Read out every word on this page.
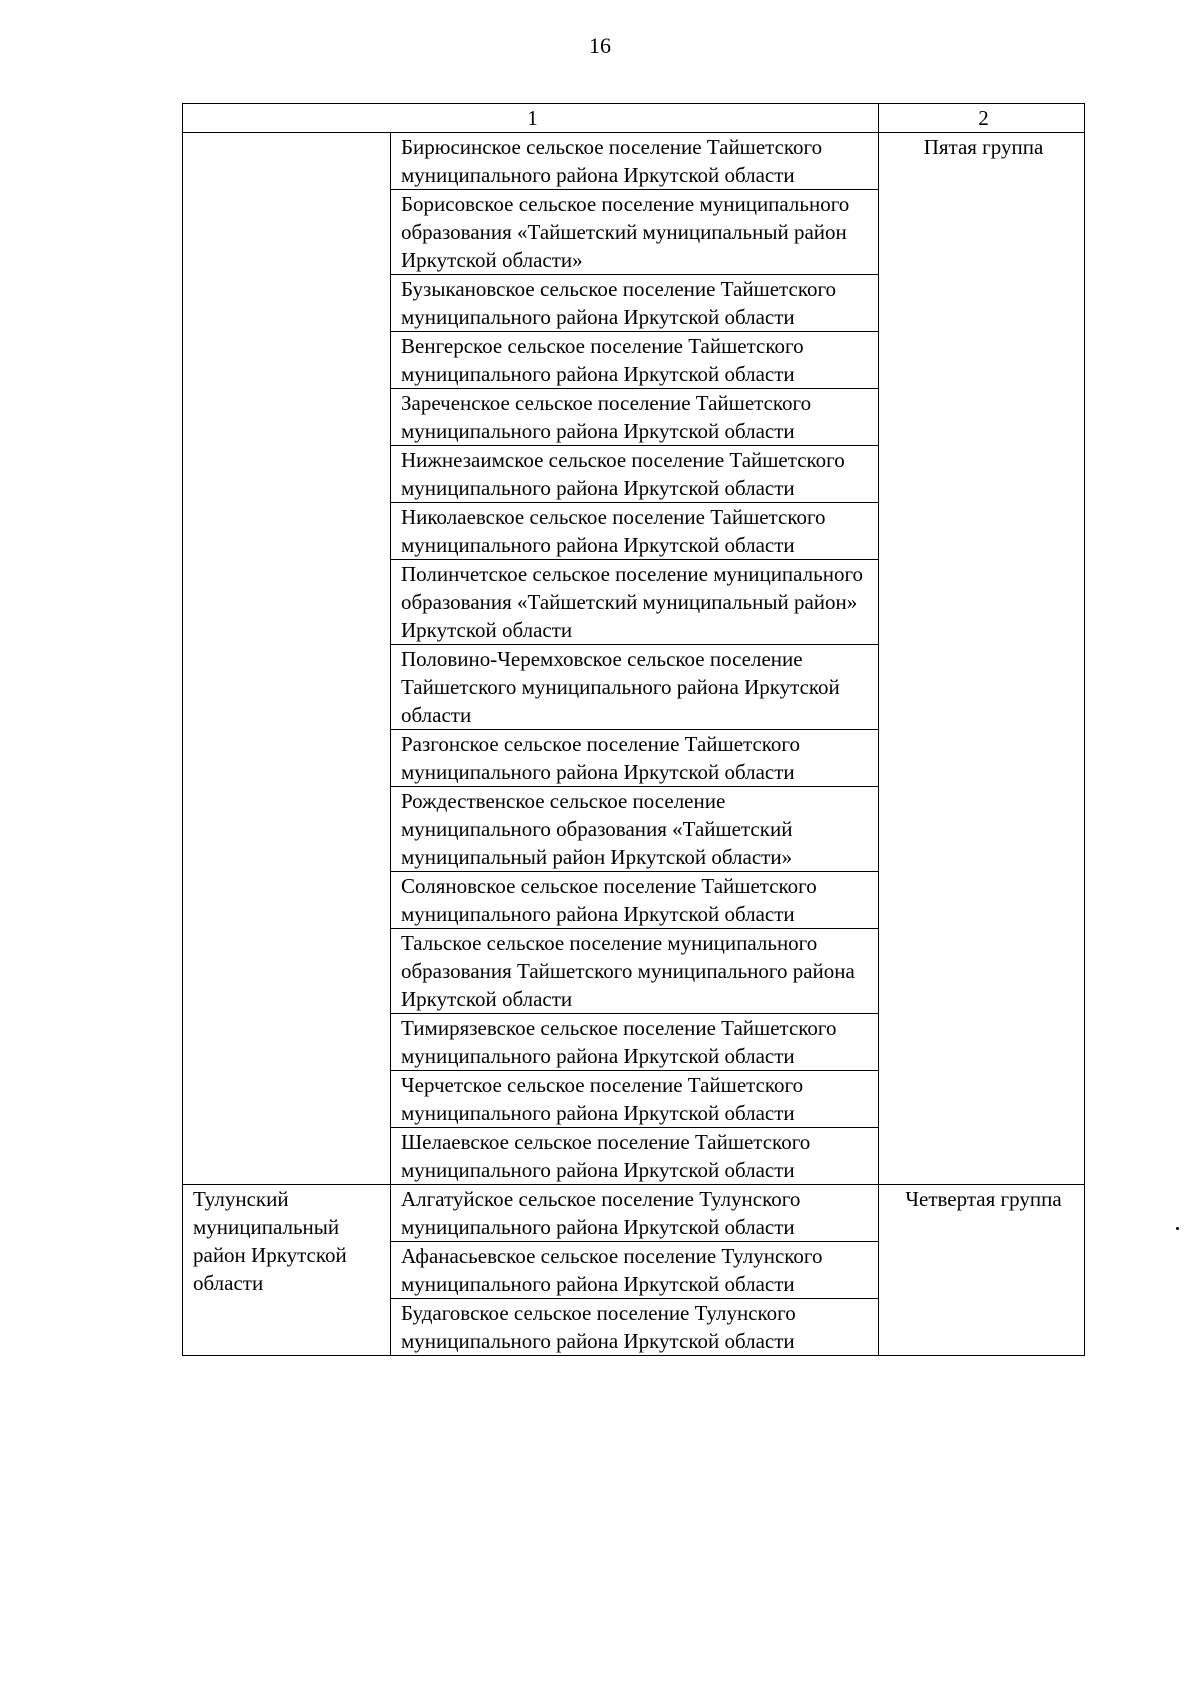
16
1		2
	Бирюсинское сельское поселение Тайшетского муниципального района Иркутской области	Пятая группа
	Борисовское сельское поселение муниципального образования «Тайшетский муниципальный район Иркутской области»	
	Бузыкановское сельское поселение Тайшетского муниципального района Иркутской области	
	Венгерское сельское поселение Тайшетского муниципального района Иркутской области	
	Зареченское сельское поселение Тайшетского муниципального района Иркутской области	
	Нижнезаимское сельское поселение Тайшетского муниципального района Иркутской области	
	Николаевское сельское поселение Тайшетского муниципального района Иркутской области	
	Полинчетское сельское поселение муниципального образования «Тайшетский муниципальный район» Иркутской области	
	Половино-Черемховское сельское поселение Тайшетского муниципального района Иркутской области	
	Разгонское сельское поселение Тайшетского муниципального района Иркутской области	
	Рождественское сельское поселение муниципального образования «Тайшетский муниципальный район Иркутской области»	
	Соляновское сельское поселение Тайшетского муниципального района Иркутской области	
	Тальское сельское поселение муниципального образования Тайшетского муниципального района Иркутской области	
	Тимирязевское сельское поселение Тайшетского муниципального района Иркутской области	
	Черчетское сельское поселение Тайшетского муниципального района Иркутской области	
	Шелаевское сельское поселение Тайшетского муниципального района Иркутской области	
Тулунский муниципальный район Иркутской области	Алгатуйское сельское поселение Тулунского муниципального района Иркутской области	Четвертая группа
	Афанасьевское сельское поселение Тулунского муниципального района Иркутской области	
	Будаговское сельское поселение Тулунского муниципального района Иркутской области	
